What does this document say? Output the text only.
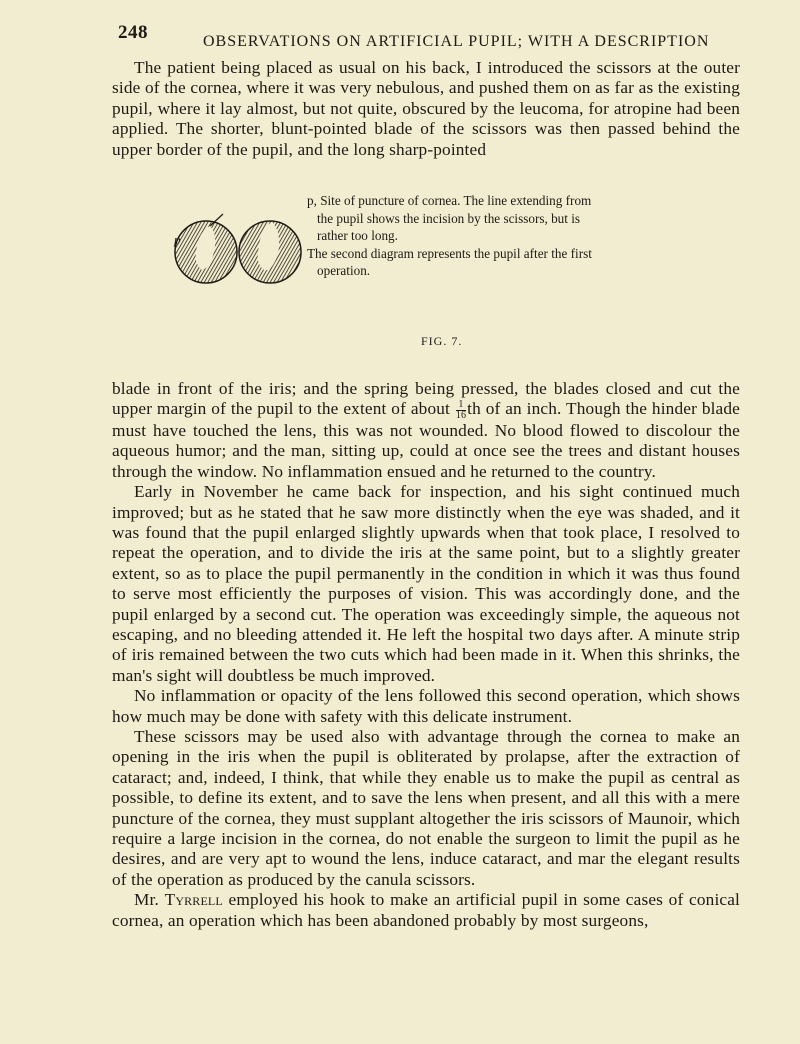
248	OBSERVATIONS ON ARTIFICIAL PUPIL; WITH A DESCRIPTION

The patient being placed as usual on his back, I introduced the scissors at the outer side of the cornea, where it was very nebulous, and pushed them on as far as the existing pupil, where it lay almost, but not quite, obscured by the leucoma, for atropine had been applied. The shorter, blunt-pointed blade of the scissors was then passed behind the upper border of the pupil, and the long sharp-pointed

p
p, Site of puncture of cornea. The line extending from
the pupil shows the incision by the scissors, but is
rather too long.
The second diagram represents the pupil after the first
operation.
FIG. 7.

blade in front of the iris; and the spring being pressed, the blades closed and cut the upper margin of the pupil to the extent of about $\frac{1}{16}$ th of an inch. Though the hinder blade must have touched the lens, this was not wounded. No blood flowed to discolour the aqueous humor; and the man, sitting up, could at once see the trees and distant houses through the window. No inflammation ensued and he returned to the country.

Early in November he came back for inspection, and his sight continued much improved; but as he stated that he saw more distinctly when the eye was shaded, and it was found that the pupil enlarged slightly upwards when that took place, I resolved to repeat the operation, and to divide the iris at the same point, but to a slightly greater extent, so as to place the pupil permanently in the condition in which it was thus found to serve most efficiently the purposes of vision. This was accordingly done, and the pupil enlarged by a second cut. The operation was exceedingly simple, the aqueous not escaping, and no bleeding attended it. He left the hospital two days after. A minute strip of iris remained between the two cuts which had been made in it. When this shrinks, the man's sight will doubtless be much improved.

No inflammation or opacity of the lens followed this second operation, which shows how much may be done with safety with this delicate instrument.

These scissors may be used also with advantage through the cornea to make an opening in the iris when the pupil is obliterated by prolapse, after the extraction of cataract; and, indeed, I think, that while they enable us to make the pupil as central as possible, to define its extent, and to save the lens when present, and all this with a mere puncture of the cornea, they must supplant altogether the iris scissors of Maunoir, which require a large incision in the cornea, do not enable the surgeon to limit the pupil as he desires, and are very apt to wound the lens, induce cataract, and mar the elegant results of the operation as produced by the canula scissors.

Mr. Tyrrell employed his hook to make an artificial pupil in some cases of conical cornea, an operation which has been abandoned probably by most surgeons,
